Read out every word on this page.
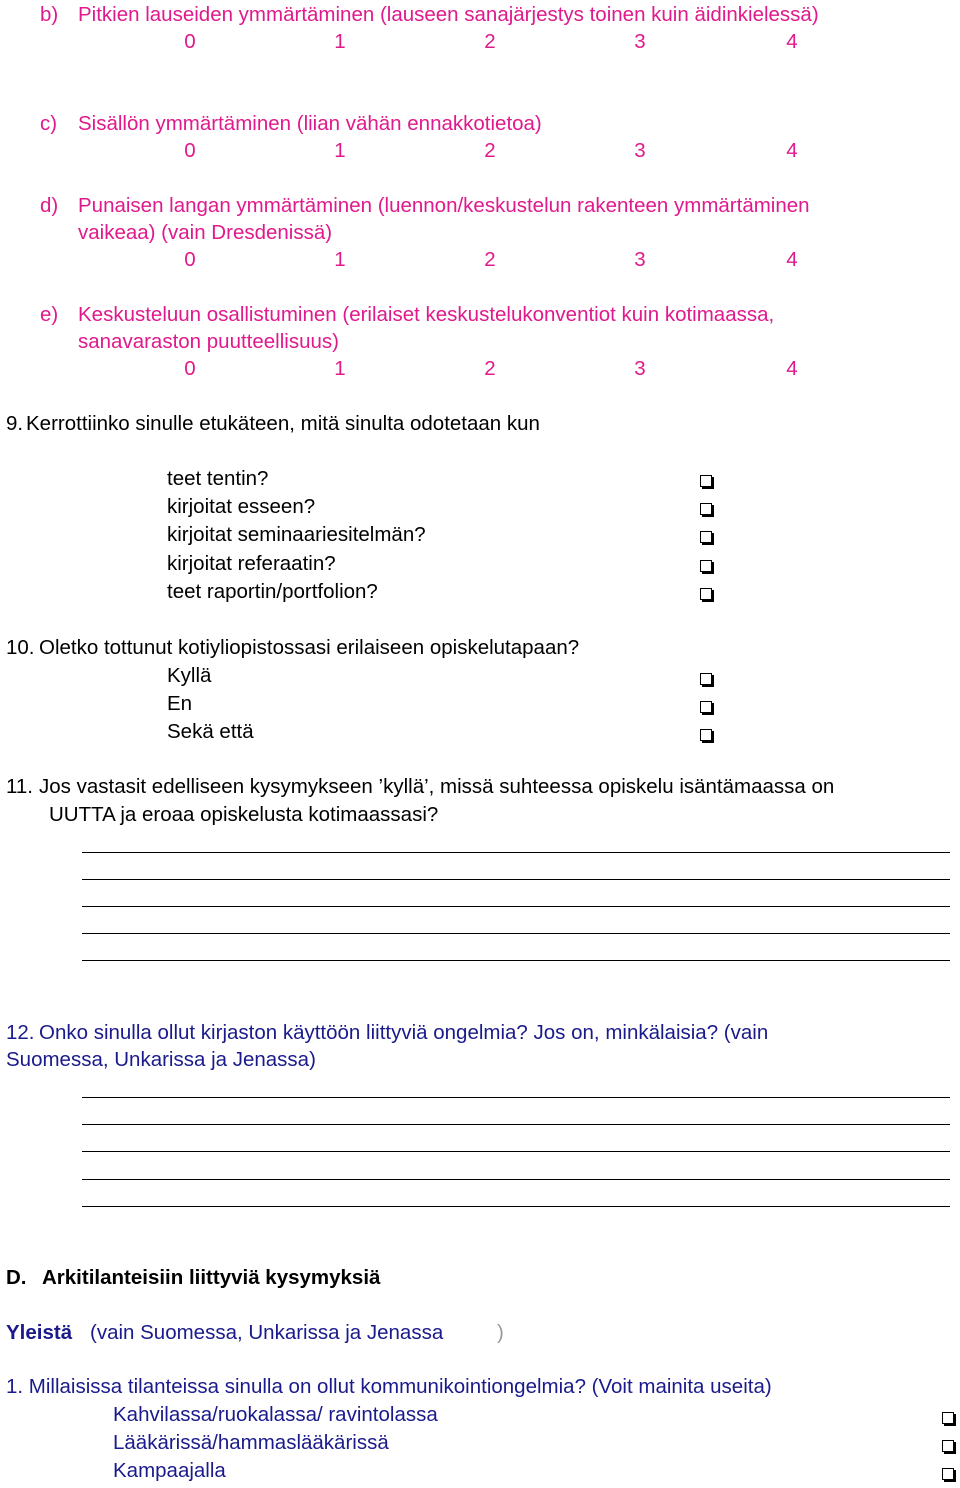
b) Pitkien lauseiden ymmärtäminen (lauseen sanajärjestys toinen kuin äidinkielessä)
0	1	2	3	4
c) Sisällön ymmärtäminen (liian vähän ennakkotietoa)
0	1	2	3	4
d) Punaisen langan ymmärtäminen (luennon/keskustelun rakenteen ymmärtäminen
vaikeaa) (vain Dresdenissä)
0	1	2	3	4
e) Keskusteluun osallistuminen (erilaiset keskustelukonventiot kuin kotimaassa,
sanavaraston puutteellisuus)
0	1	2	3	4
9. Kerrottiinko sinulle etukäteen, mitä sinulta odotetaan kun
teet tentin?
kirjoitat esseen?
kirjoitat seminaariesitelmän?
kirjoitat referaatin?
teet raportin/portfolion?
10. Oletko tottunut kotiyliopistossasi erilaiseen opiskelutapaan?
Kyllä
En
Sekä että
11. Jos vastasit edelliseen kysymykseen ’kyllä’, missä suhteessa opiskelu isäntämaassa on
UUTTA ja eroaa opiskelusta kotimaassasi?
12. Onko sinulla ollut kirjaston käyttöön liittyviä ongelmia? Jos on, minkälaisia? (vain
Suomessa, Unkarissa ja Jenassa)
D. Arkitilanteisiin liittyviä kysymyksiä
Yleistä (vain Suomessa, Unkarissa ja Jenassa	)
1. Millaisissa tilanteissa sinulla on ollut kommunikointiongelmia? (Voit mainita useita)
Kahvilassa/ruokalassa/ ravintolassa
Lääkärissä/hammaslääkärissä
Kampaajalla
